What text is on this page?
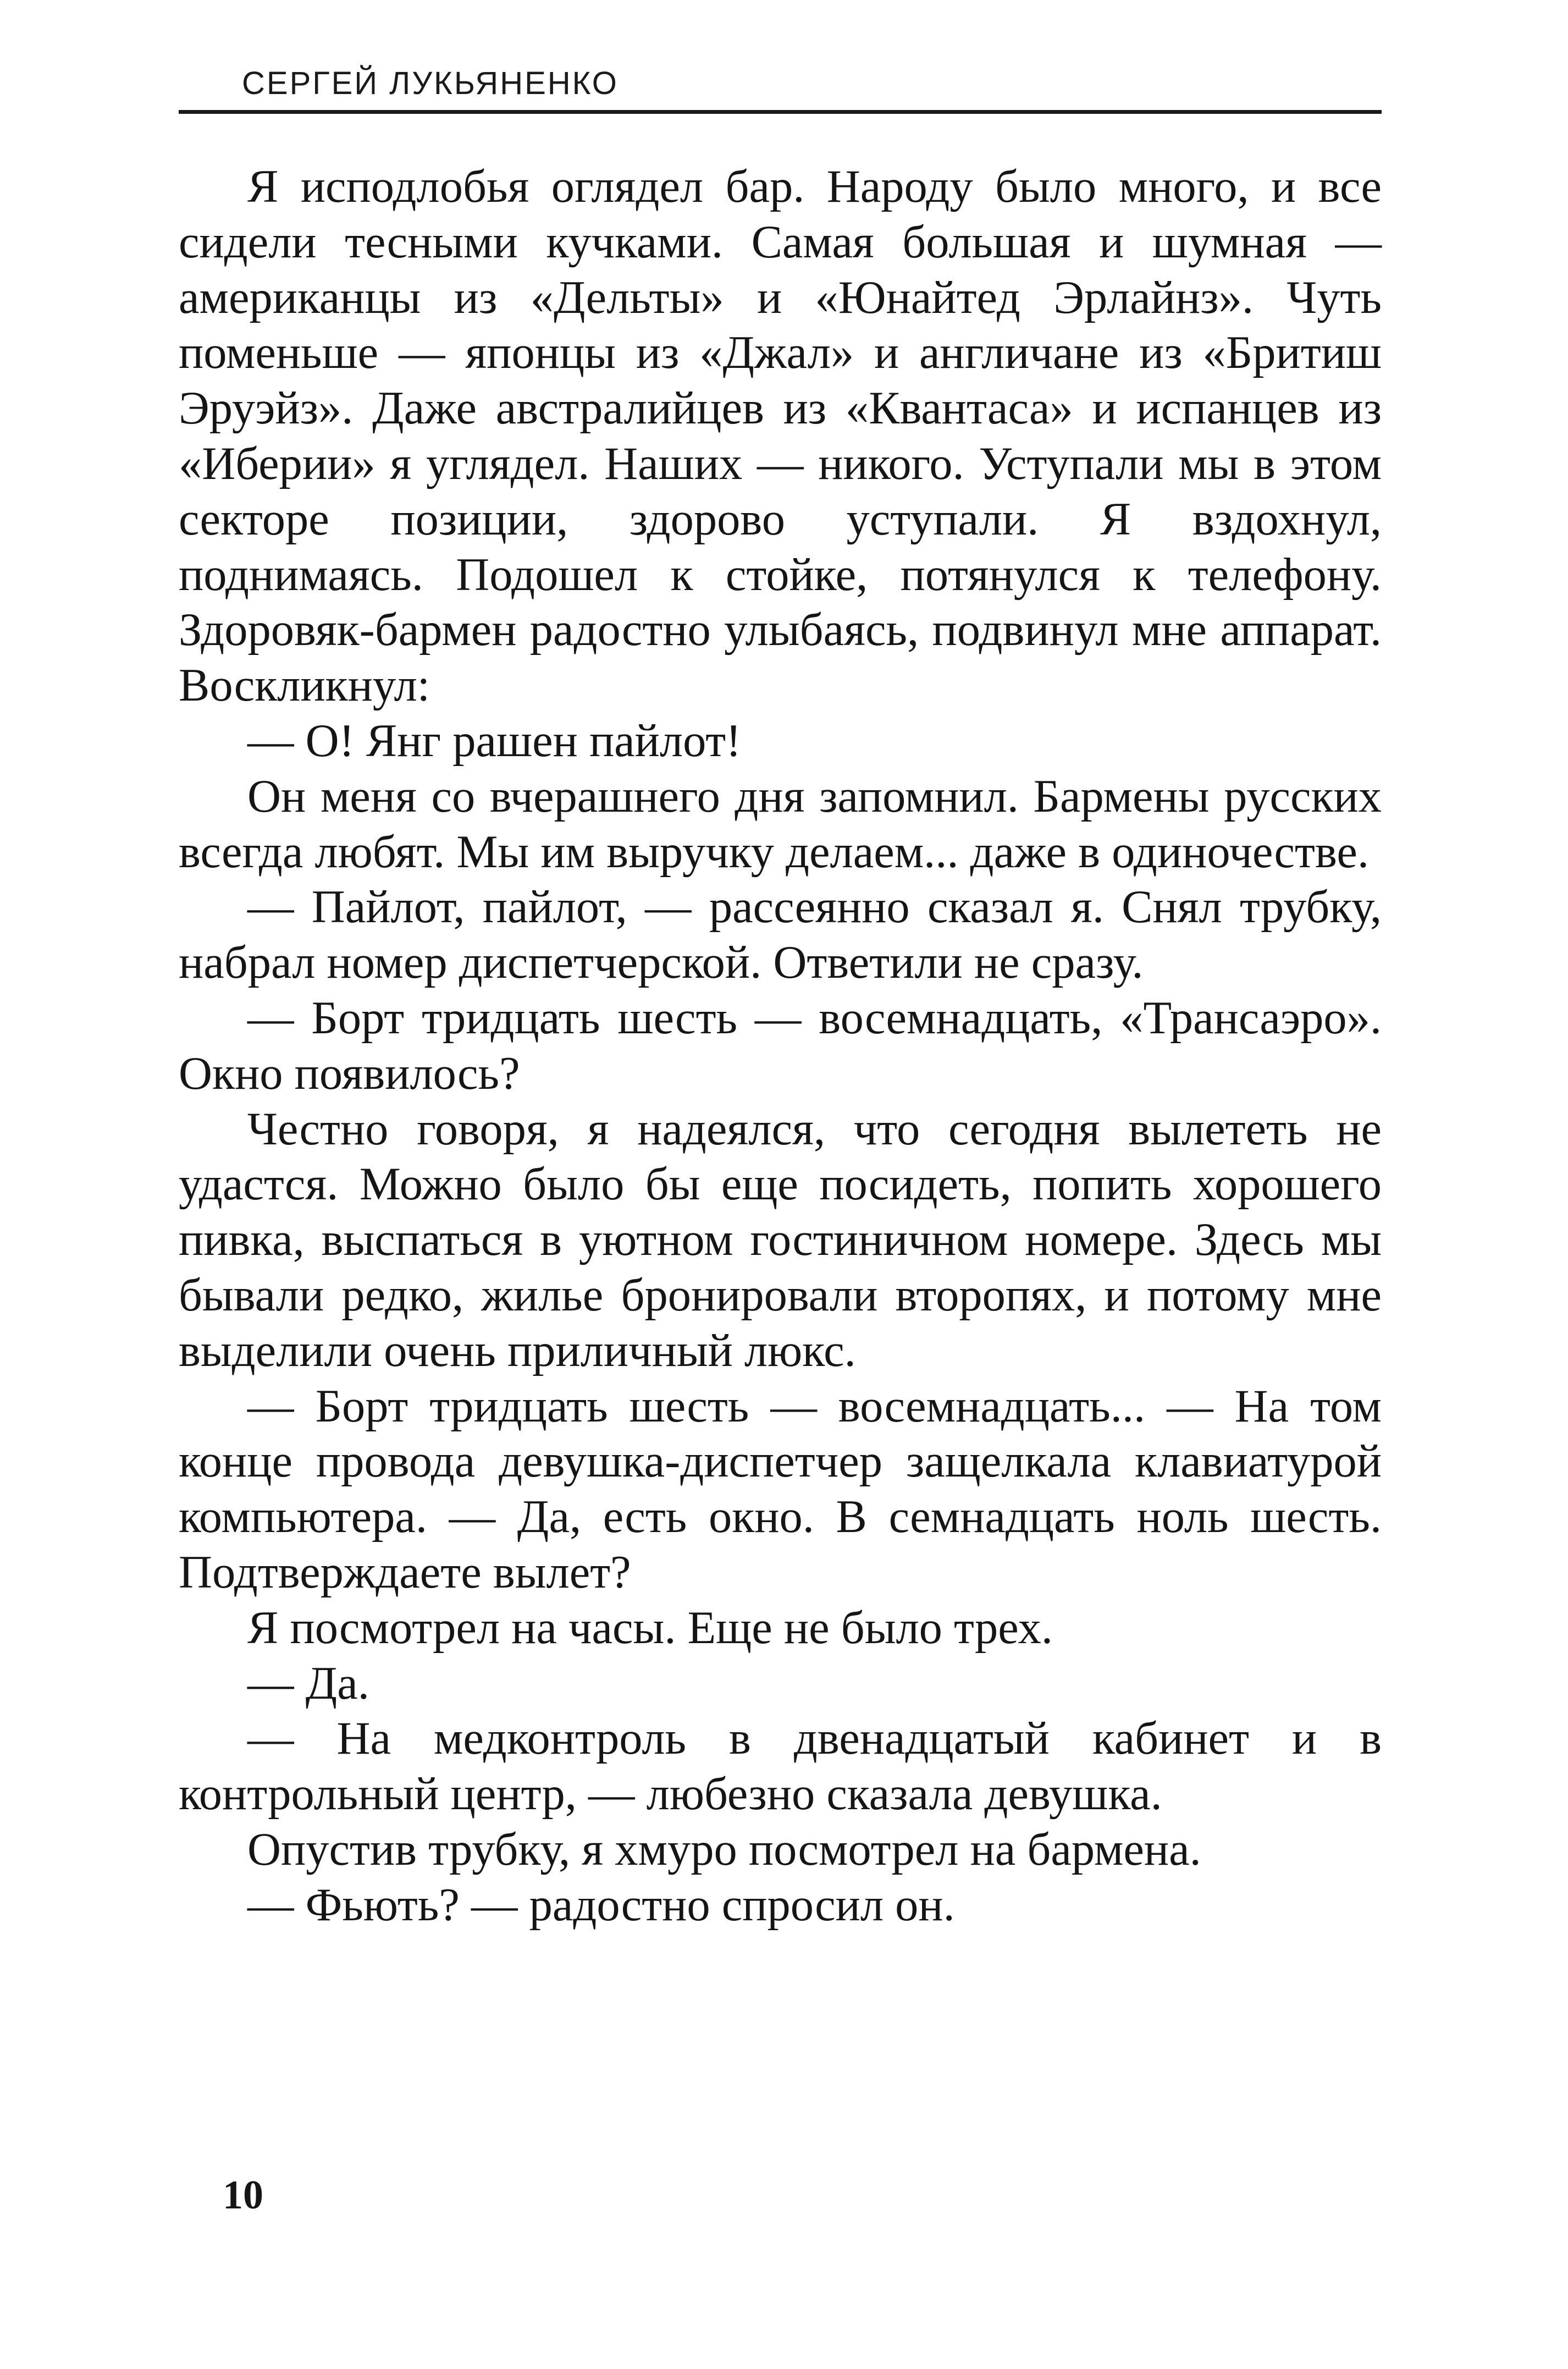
СЕРГЕЙ ЛУКЬЯНЕНКО

Я исподлобья оглядел бар. Народу было много, и все сидели тесными кучками. Самая большая и шумная — американцы из «Дельты» и «Юнайтед Эрлайнз». Чуть поменьше — японцы из «Джал» и англичане из «Бритиш Эруэйз». Даже австралийцев из «Квантаса» и испанцев из «Иберии» я углядел. Наших — никого. Уступали мы в этом секторе позиции, здорово уступали. Я вздохнул, поднимаясь. Подошел к стойке, потянулся к телефону. Здоровяк-бармен радостно улыбаясь, подвинул мне аппарат. Воскликнул:

— О! Янг рашен пайлот!

Он меня со вчерашнего дня запомнил. Бармены русских всегда любят. Мы им выручку делаем... даже в одиночестве.

— Пайлот, пайлот, — рассеянно сказал я. Снял трубку, набрал номер диспетчерской. Ответили не сразу.

— Борт тридцать шесть — восемнадцать, «Трансаэро». Окно появилось?

Честно говоря, я надеялся, что сегодня вылететь не удастся. Можно было бы еще посидеть, попить хорошего пивка, выспаться в уютном гостиничном номере. Здесь мы бывали редко, жилье бронировали второпях, и потому мне выделили очень приличный люкс.

— Борт тридцать шесть — восемнадцать... — На том конце провода девушка-диспетчер защелкала клавиатурой компьютера. — Да, есть окно. В семнадцать ноль шесть. Подтверждаете вылет?

Я посмотрел на часы. Еще не было трех.

— Да.

— На медконтроль в двенадцатый кабинет и в контрольный центр, — любезно сказала девушка.

Опустив трубку, я хмуро посмотрел на бармена.

— Фьють? — радостно спросил он.

10
